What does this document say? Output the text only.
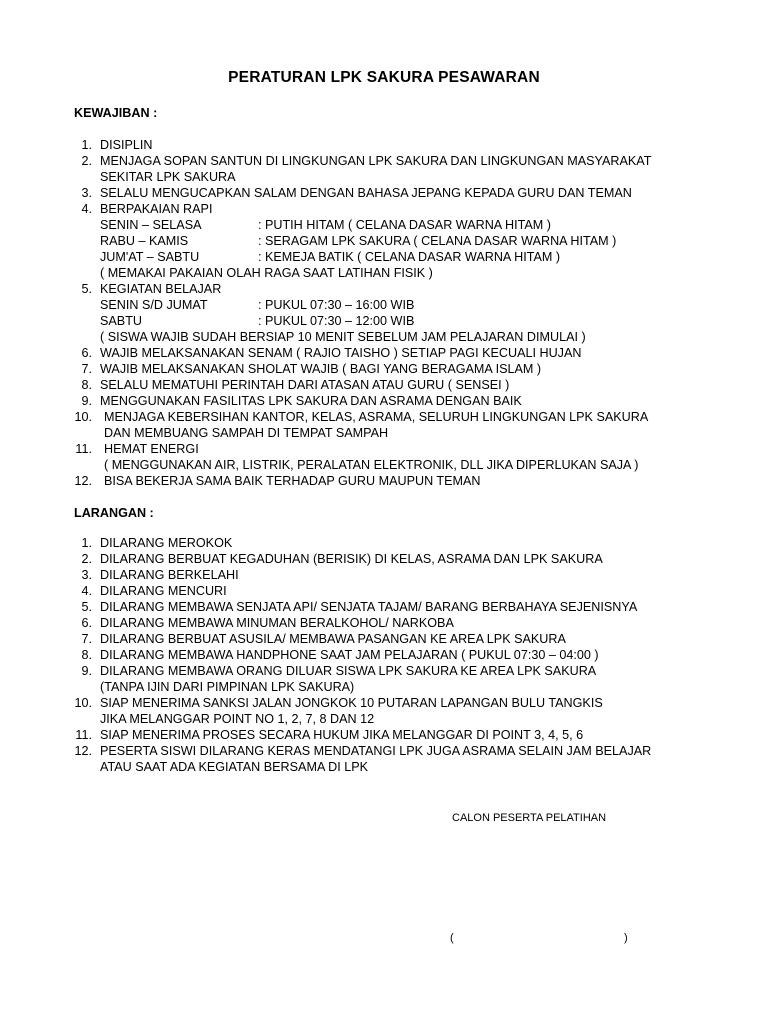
PERATURAN LPK SAKURA PESAWARAN
KEWAJIBAN :
1. DISIPLIN
2. MENJAGA SOPAN SANTUN DI LINGKUNGAN LPK SAKURA DAN LINGKUNGAN MASYARAKAT
SEKITAR LPK SAKURA
3. SELALU MENGUCAPKAN SALAM DENGAN BAHASA JEPANG KEPADA GURU DAN TEMAN
4. BERPAKAIAN RAPI
SENIN – SELASA	: PUTIH HITAM ( CELANA DASAR WARNA HITAM )
RABU – KAMIS	: SERAGAM LPK SAKURA ( CELANA DASAR WARNA HITAM )
JUM'AT – SABTU	: KEMEJA BATIK ( CELANA DASAR WARNA HITAM )
( MEMAKAI PAKAIAN OLAH RAGA SAAT LATIHAN FISIK )
5. KEGIATAN BELAJAR
SENIN S/D JUMAT	: PUKUL 07:30 – 16:00 WIB
SABTU	: PUKUL 07:30 – 12:00 WIB
( SISWA WAJIB SUDAH BERSIAP 10 MENIT SEBELUM JAM PELAJARAN DIMULAI )
6. WAJIB MELAKSANAKAN SENAM ( RAJIO TAISHO ) SETIAP PAGI KECUALI HUJAN
7. WAJIB MELAKSANAKAN SHOLAT WAJIB ( BAGI YANG BERAGAMA ISLAM )
8. SELALU MEMATUHI PERINTAH DARI ATASAN ATAU GURU ( SENSEI )
9. MENGGUNAKAN FASILITAS LPK SAKURA DAN ASRAMA DENGAN BAIK
10. MENJAGA KEBERSIHAN KANTOR, KELAS, ASRAMA, SELURUH LINGKUNGAN LPK SAKURA
DAN MEMBUANG SAMPAH DI TEMPAT SAMPAH
11. HEMAT ENERGI
( MENGGUNAKAN AIR, LISTRIK, PERALATAN ELEKTRONIK, DLL JIKA DIPERLUKAN SAJA )
12. BISA BEKERJA SAMA BAIK TERHADAP GURU MAUPUN TEMAN
LARANGAN :
1. DILARANG MEROKOK
2. DILARANG BERBUAT KEGADUHAN (BERISIK) DI KELAS, ASRAMA DAN LPK SAKURA
3. DILARANG BERKELAHI
4. DILARANG MENCURI
5. DILARANG MEMBAWA SENJATA API/ SENJATA TAJAM/ BARANG BERBAHAYA SEJENISNYA
6. DILARANG MEMBAWA MINUMAN BERALKOHOL/ NARKOBA
7. DILARANG BERBUAT ASUSILA/ MEMBAWA PASANGAN KE AREA LPK SAKURA
8. DILARANG MEMBAWA HANDPHONE SAAT JAM PELAJARAN ( PUKUL 07:30 – 04:00 )
9. DILARANG MEMBAWA ORANG DILUAR SISWA LPK SAKURA KE AREA LPK SAKURA
(TANPA IJIN DARI PIMPINAN LPK SAKURA)
10. SIAP MENERIMA SANKSI JALAN JONGKOK 10 PUTARAN LAPANGAN BULU TANGKIS
JIKA MELANGGAR POINT NO 1, 2, 7, 8 DAN 12
11. SIAP MENERIMA PROSES SECARA HUKUM JIKA MELANGGAR DI POINT 3, 4, 5, 6
12. PESERTA SISWI DILARANG KERAS MENDATANGI LPK JUGA ASRAMA SELAIN JAM BELAJAR
ATAU SAAT ADA KEGIATAN BERSAMA DI LPK
CALON PESERTA PELATIHAN
(	)
